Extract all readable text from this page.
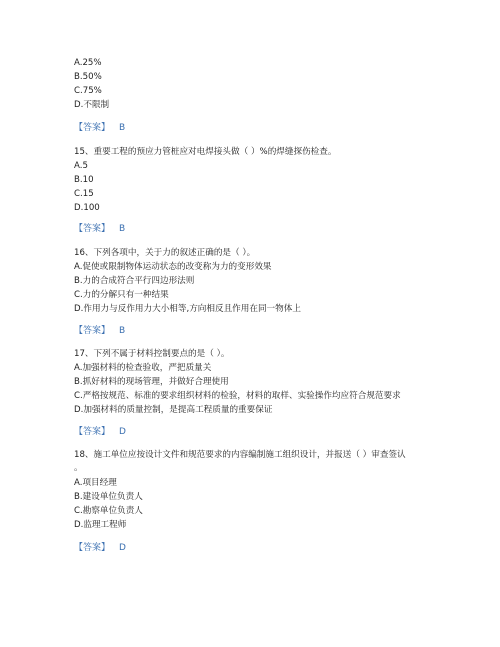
A.25%
B.50%
C.75%
D.不限制
【答案】 B
15、重要工程的预应力管桩应对电焊接头做（ ）%的焊缝探伤检查。
A.5
B.10
C.15
D.100
【答案】 B
16、下列各项中，关于力的叙述正确的是（ ）。
A.促使或限制物体运动状态的改变称为力的变形效果
B.力的合成符合平行四边形法则
C.力的分解只有一种结果
D.作用力与反作用力大小相等,方向相反且作用在同一物体上
【答案】 B
17、下列不属于材料控制要点的是（ ）。
A.加强材料的检查验收，严把质量关
B.抓好材料的现场管理，并做好合理使用
C.严格按规范、标准的要求组织材料的检验，材料的取样、实验操作均应符合规范要求
D.加强材料的质量控制，是提高工程质量的重要保证
【答案】 D
18、施工单位应按设计文件和规范要求的内容编制施工组织设计，并报送（ ）审查签认
。
A.项目经理
B.建设单位负责人
C.勘察单位负责人
D.监理工程师
【答案】 D
